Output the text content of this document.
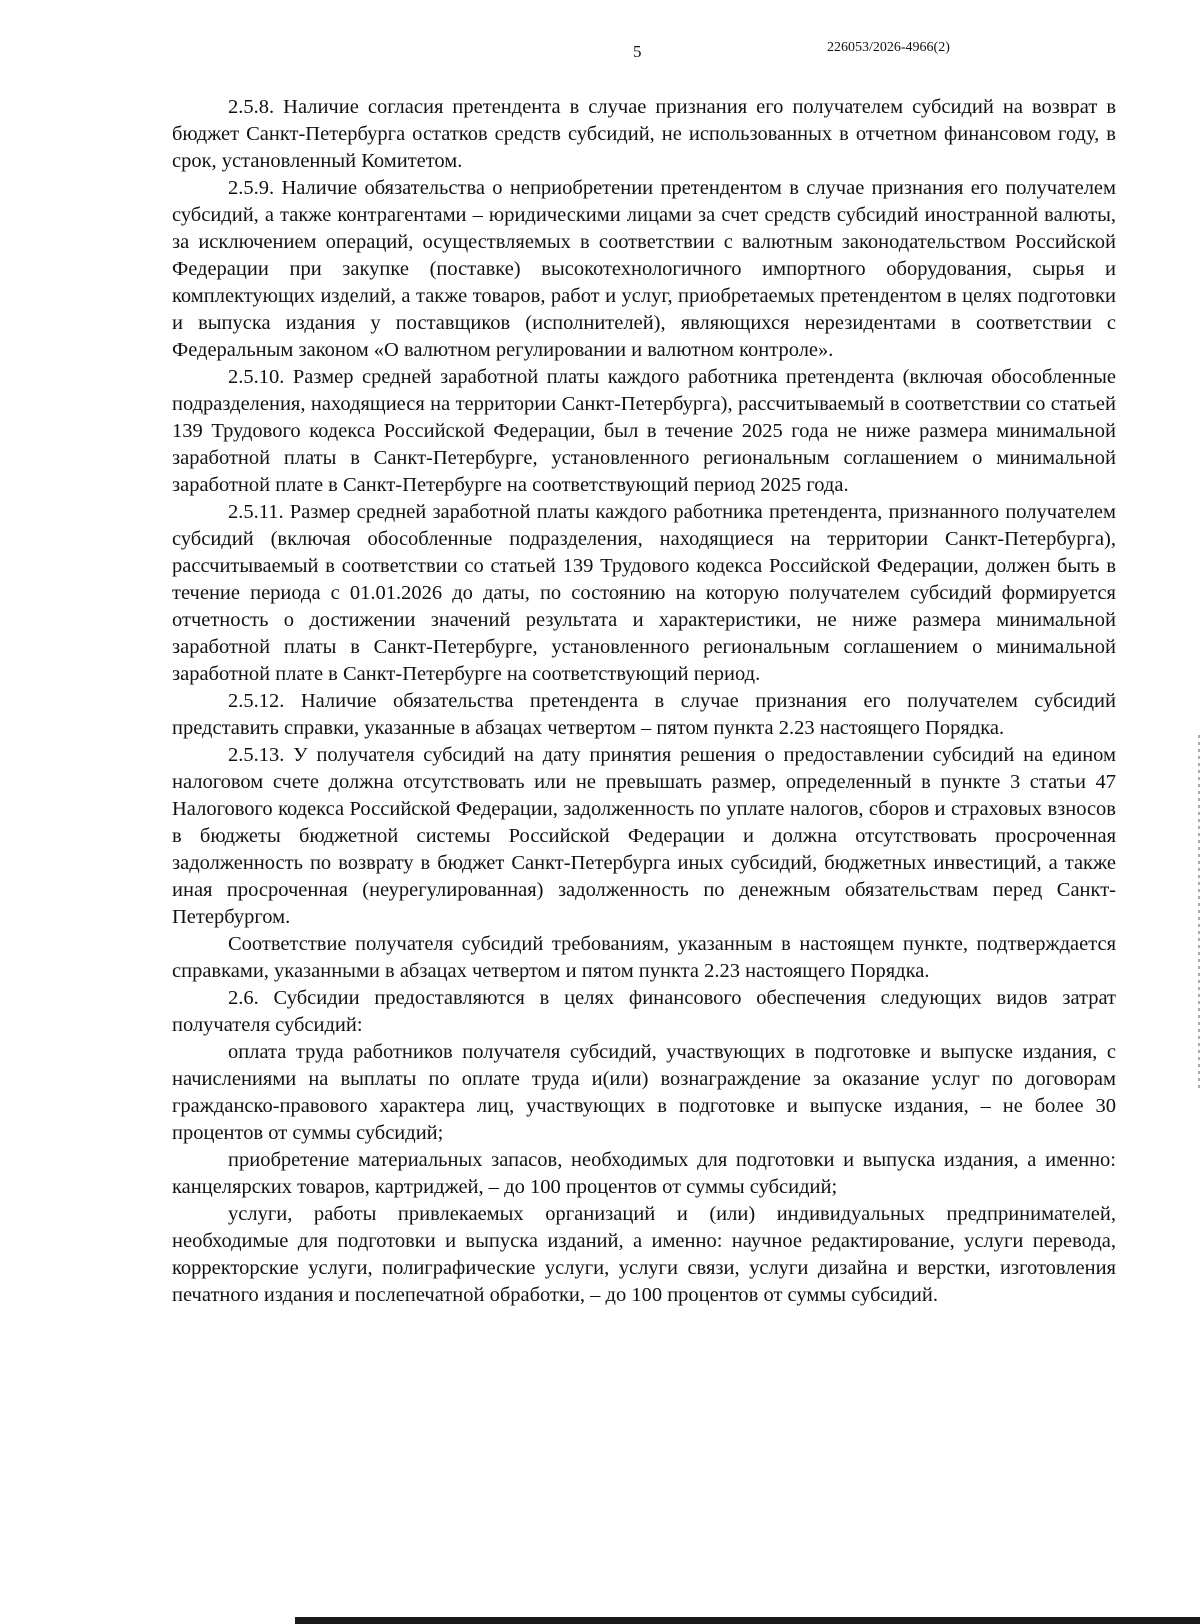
5	226053/2026-4966(2)

2.5.8. Наличие согласия претендента в случае признания его получателем субсидий на возврат в бюджет Санкт-Петербурга остатков средств субсидий, не использованных в отчетном финансовом году, в срок, установленный Комитетом.

2.5.9. Наличие обязательства о неприобретении претендентом в случае признания его получателем субсидий, а также контрагентами – юридическими лицами за счет средств субсидий иностранной валюты, за исключением операций, осуществляемых в соответствии с валютным законодательством Российской Федерации при закупке (поставке) высокотехнологичного импортного оборудования, сырья и комплектующих изделий, а также товаров, работ и услуг, приобретаемых претендентом в целях подготовки и выпуска издания у поставщиков (исполнителей), являющихся нерезидентами в соответствии с Федеральным законом «О валютном регулировании и валютном контроле».

2.5.10. Размер средней заработной платы каждого работника претендента (включая обособленные подразделения, находящиеся на территории Санкт-Петербурга), рассчитываемый в соответствии со статьей 139 Трудового кодекса Российской Федерации, был в течение 2025 года не ниже размера минимальной заработной платы в Санкт-Петербурге, установленного региональным соглашением о минимальной заработной плате в Санкт-Петербурге на соответствующий период 2025 года.

2.5.11. Размер средней заработной платы каждого работника претендента, признанного получателем субсидий (включая обособленные подразделения, находящиеся на территории Санкт-Петербурга), рассчитываемый в соответствии со статьей 139 Трудового кодекса Российской Федерации, должен быть в течение периода с 01.01.2026 до даты, по состоянию на которую получателем субсидий формируется отчетность о достижении значений результата и характеристики, не ниже размера минимальной заработной платы в Санкт-Петербурге, установленного региональным соглашением о минимальной заработной плате в Санкт-Петербурге на соответствующий период.

2.5.12. Наличие обязательства претендента в случае признания его получателем субсидий представить справки, указанные в абзацах четвертом – пятом пункта 2.23 настоящего Порядка.

2.5.13. У получателя субсидий на дату принятия решения о предоставлении субсидий на едином налоговом счете должна отсутствовать или не превышать размер, определенный в пункте 3 статьи 47 Налогового кодекса Российской Федерации, задолженность по уплате налогов, сборов и страховых взносов в бюджеты бюджетной системы Российской Федерации и должна отсутствовать просроченная задолженность по возврату в бюджет Санкт-Петербурга иных субсидий, бюджетных инвестиций, а также иная просроченная (неурегулированная) задолженность по денежным обязательствам перед Санкт-Петербургом.

Соответствие получателя субсидий требованиям, указанным в настоящем пункте, подтверждается справками, указанными в абзацах четвертом и пятом пункта 2.23 настоящего Порядка.

2.6. Субсидии предоставляются в целях финансового обеспечения следующих видов затрат получателя субсидий:

оплата труда работников получателя субсидий, участвующих в подготовке и выпуске издания, с начислениями на выплаты по оплате труда и(или) вознаграждение за оказание услуг по договорам гражданско-правового характера лиц, участвующих в подготовке и выпуске издания, – не более 30 процентов от суммы субсидий;

приобретение материальных запасов, необходимых для подготовки и выпуска издания, а именно: канцелярских товаров, картриджей, – до 100 процентов от суммы субсидий;

услуги, работы привлекаемых организаций и (или) индивидуальных предпринимателей, необходимые для подготовки и выпуска изданий, а именно: научное редактирование, услуги перевода, корректорские услуги, полиграфические услуги, услуги связи, услуги дизайна и верстки, изготовления печатного издания и послепечатной обработки, – до 100 процентов от суммы субсидий.
